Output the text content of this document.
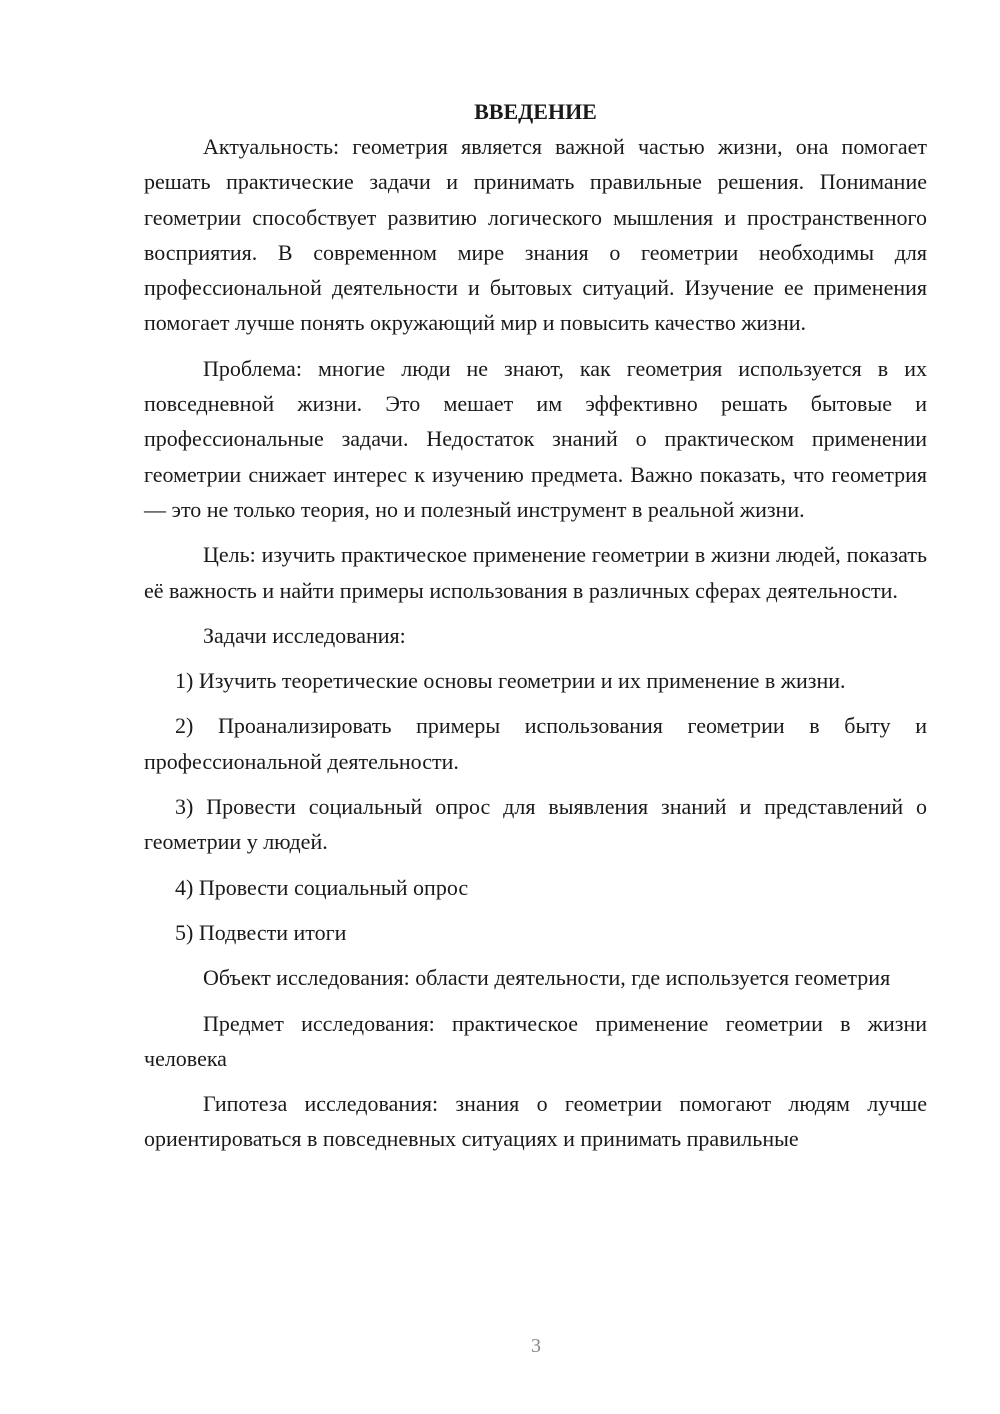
ВВЕДЕНИЕ

Актуальность: геометрия является важной частью жизни, она помогает решать практические задачи и принимать правильные решения. Понимание геометрии способствует развитию логического мышления и пространственного восприятия. В современном мире знания о геометрии необходимы для профессиональной деятельности и бытовых ситуаций. Изучение ее применения помогает лучше понять окружающий мир и повысить качество жизни.

Проблема: многие люди не знают, как геометрия используется в их повседневной жизни. Это мешает им эффективно решать бытовые и профессиональные задачи. Недостаток знаний о практическом применении геометрии снижает интерес к изучению предмета. Важно показать, что геометрия — это не только теория, но и полезный инструмент в реальной жизни.

Цель: изучить практическое применение геометрии в жизни людей, показать её важность и найти примеры использования в различных сферах деятельности.

Задачи исследования:

1) Изучить теоретические основы геометрии и их применение в жизни.

2) Проанализировать примеры использования геометрии в быту и профессиональной деятельности.

3) Провести социальный опрос для выявления знаний и представлений о геометрии у людей.

4) Провести социальный опрос

5) Подвести итоги

Объект исследования: области деятельности, где используется геометрия

Предмет исследования: практическое применение геометрии в жизни человека

Гипотеза исследования: знания о геометрии помогают людям лучше ориентироваться в повседневных ситуациях и принимать правильные

3
